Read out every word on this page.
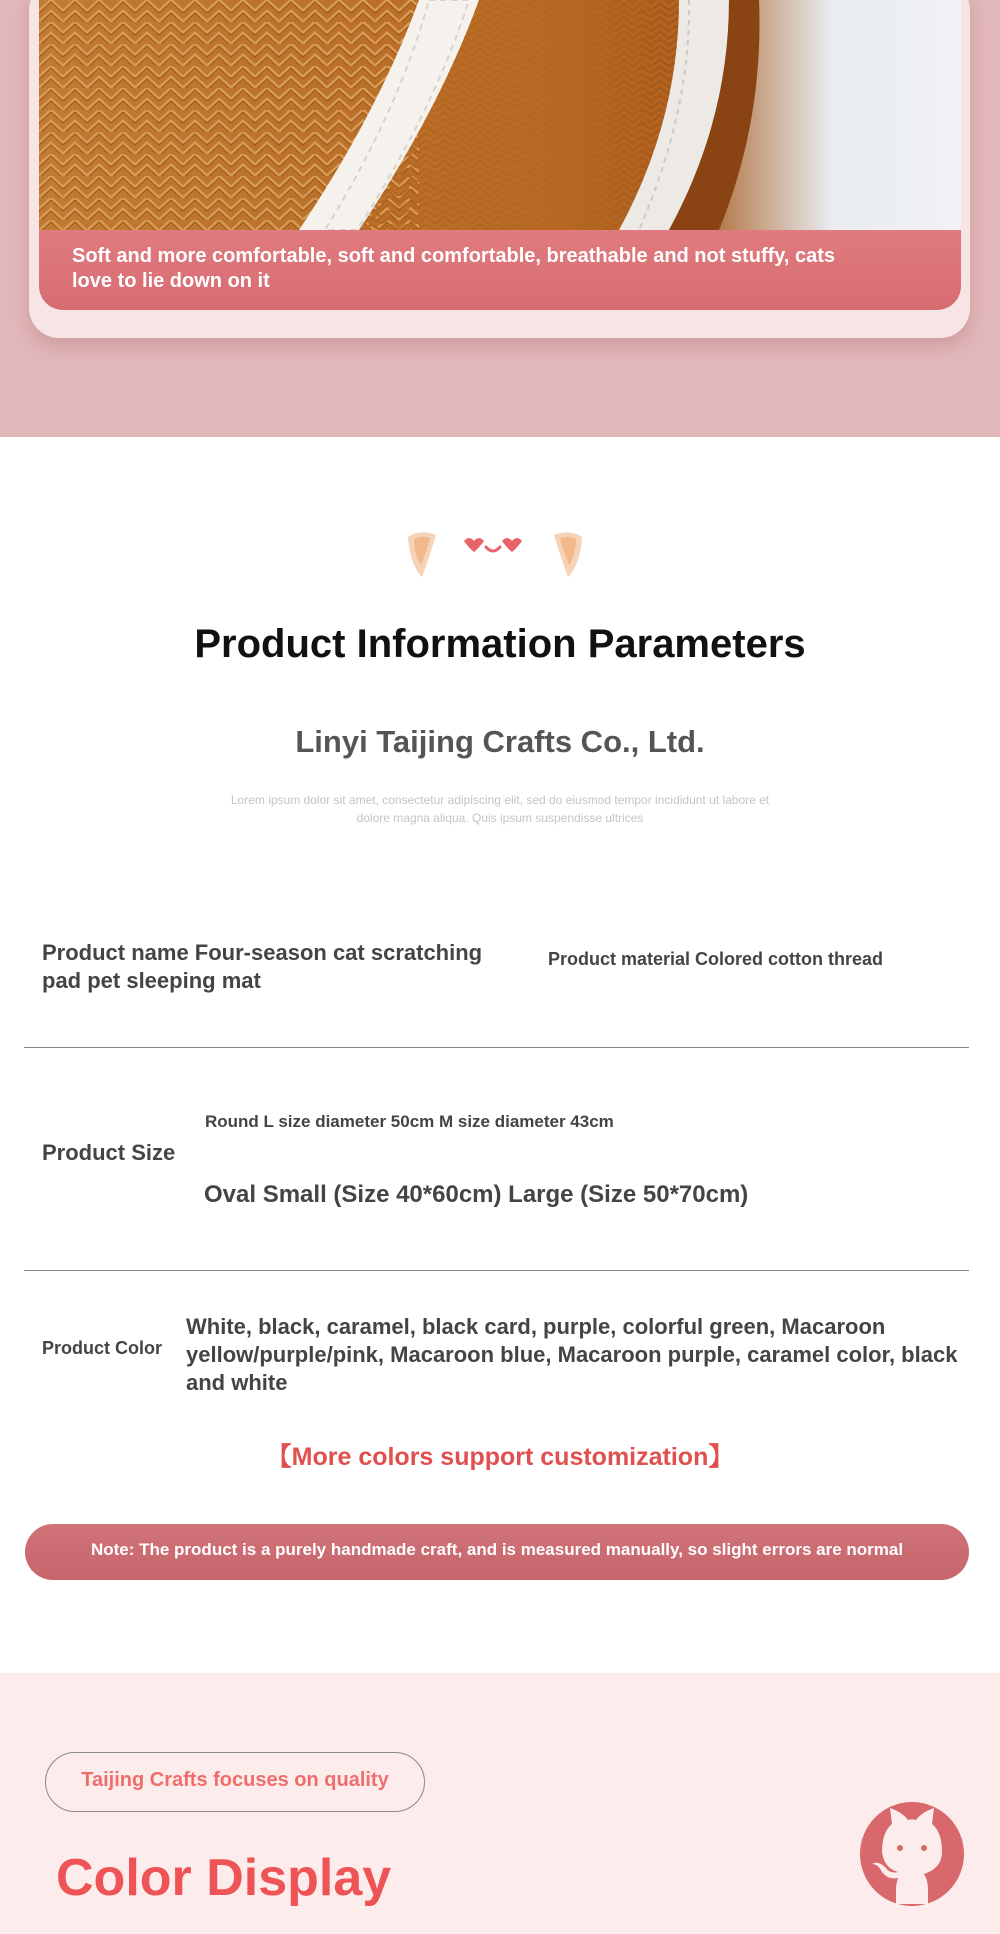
Soft and more comfortable, soft and comfortable, breathable and not stuffy, cats love to lie down on it
Product Information Parameters
Linyi Taijing Crafts Co., Ltd.
Lorem ipsum dolor sit amet, consectetur adipiscing elit, sed do eiusmod tempor incididunt ut labore et dolore magna aliqua. Quis ipsum suspendisse ultrices
Product name Four-season cat scratching pad pet sleeping mat
Product material Colored cotton thread
Product Size
Round L size diameter 50cm M size diameter 43cm
Oval Small (Size 40*60cm) Large (Size 50*70cm)
Product Color
White, black, caramel, black card, purple, colorful green, Macaroon yellow/purple/pink, Macaroon blue, Macaroon purple, caramel color, black and white
【More colors support customization】
Note: The product is a purely handmade craft, and is measured manually, so slight errors are normal
Taijing Crafts focuses on quality
Color Display
